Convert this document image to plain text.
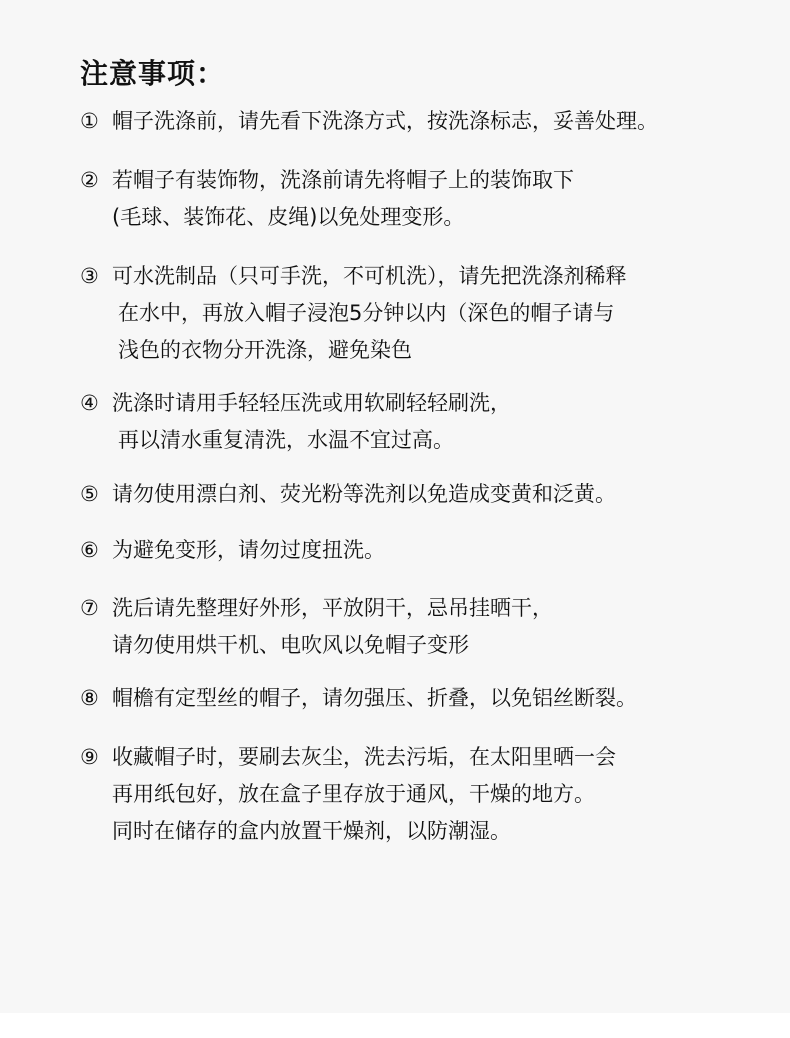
注意事项：
① 帽子洗涤前，请先看下洗涤方式，按洗涤标志，妥善处理。
② 若帽子有装饰物，洗涤前请先将帽子上的装饰取下
(毛球、装饰花、皮绳)以免处理变形。
③ 可水洗制品（只可手洗，不可机洗），请先把洗涤剂稀释
在水中，再放入帽子浸泡5分钟以内（深色的帽子请与
浅色的衣物分开洗涤，避免染色
④ 洗涤时请用手轻轻压洗或用软刷轻轻刷洗，
再以清水重复清洗，水温不宜过高。
⑤ 请勿使用漂白剂、荧光粉等洗剂以免造成变黄和泛黄。
⑥ 为避免变形，请勿过度扭洗。
⑦ 洗后请先整理好外形，平放阴干，忌吊挂晒干，
请勿使用烘干机、电吹风以免帽子变形
⑧ 帽檐有定型丝的帽子，请勿强压、折叠，以免铝丝断裂。
⑨ 收藏帽子时，要刷去灰尘，洗去污垢，在太阳里晒一会
再用纸包好，放在盒子里存放于通风，干燥的地方。
同时在储存的盒内放置干燥剂，以防潮湿。
